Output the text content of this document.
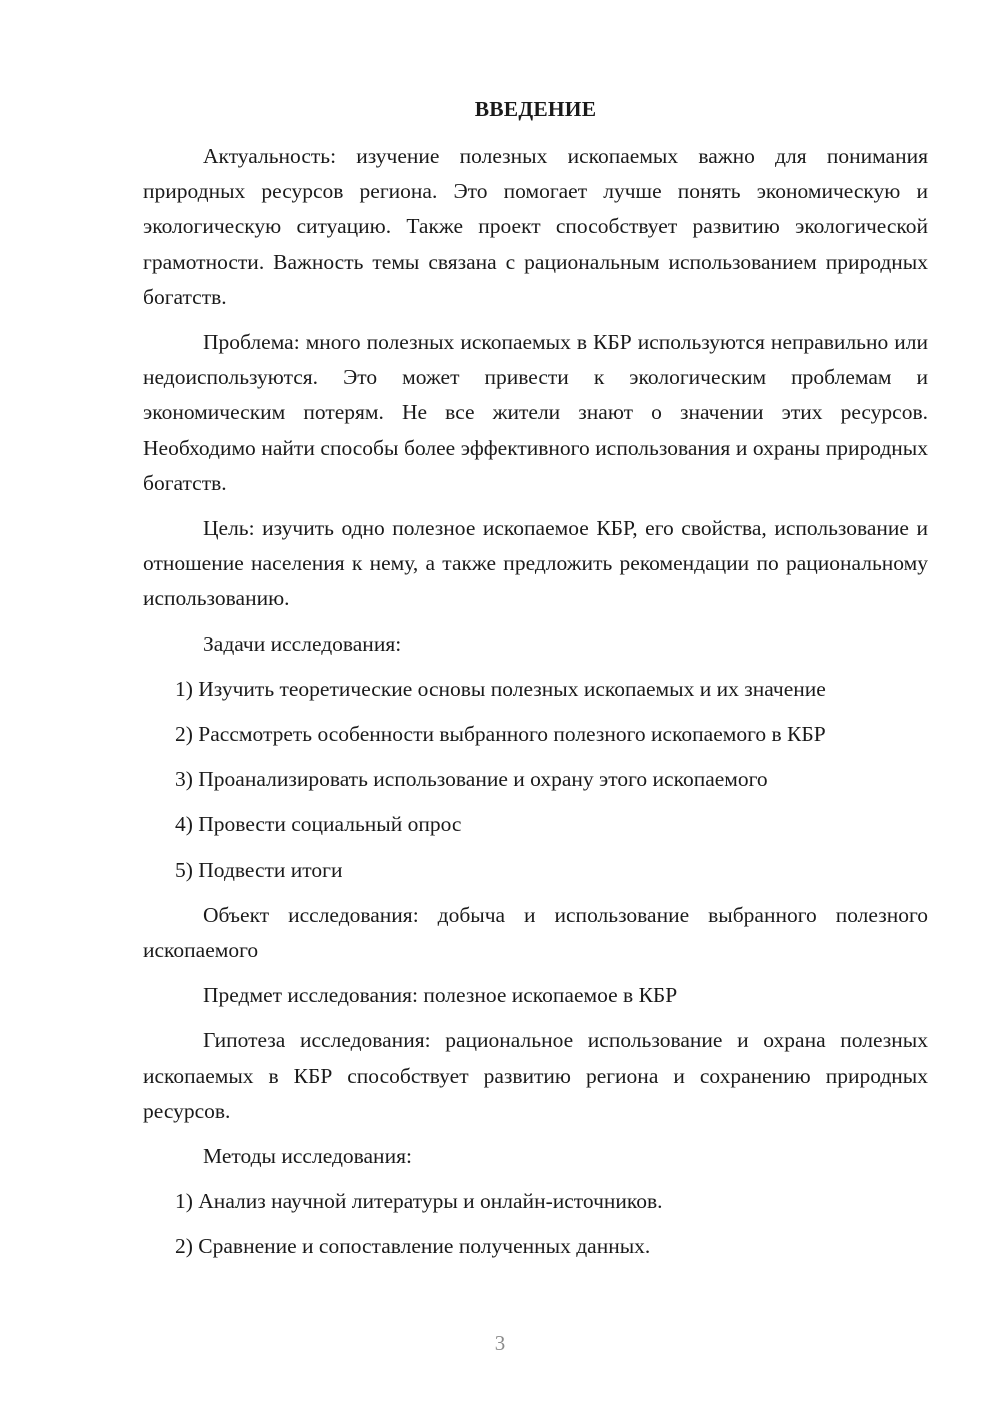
ВВЕДЕНИЕ

Актуальность: изучение полезных ископаемых важно для понимания природных ресурсов региона. Это помогает лучше понять экономическую и экологическую ситуацию. Также проект способствует развитию экологической грамотности. Важность темы связана с рациональным использованием природных богатств.

Проблема: много полезных ископаемых в КБР используются неправильно или недоиспользуются. Это может привести к экологическим проблемам и экономическим потерям. Не все жители знают о значении этих ресурсов. Необходимо найти способы более эффективного использования и охраны природных богатств.

Цель: изучить одно полезное ископаемое КБР, его свойства, использование и отношение населения к нему, а также предложить рекомендации по рациональному использованию.

Задачи исследования:

1) Изучить теоретические основы полезных ископаемых и их значение

2) Рассмотреть особенности выбранного полезного ископаемого в КБР

3) Проанализировать использование и охрану этого ископаемого

4) Провести социальный опрос

5) Подвести итоги

Объект исследования: добыча и использование выбранного полезного ископаемого

Предмет исследования: полезное ископаемое в КБР

Гипотеза исследования: рациональное использование и охрана полезных ископаемых в КБР способствует развитию региона и сохранению природных ресурсов.

Методы исследования:

1) Анализ научной литературы и онлайн-источников.

2) Сравнение и сопоставление полученных данных.

3
